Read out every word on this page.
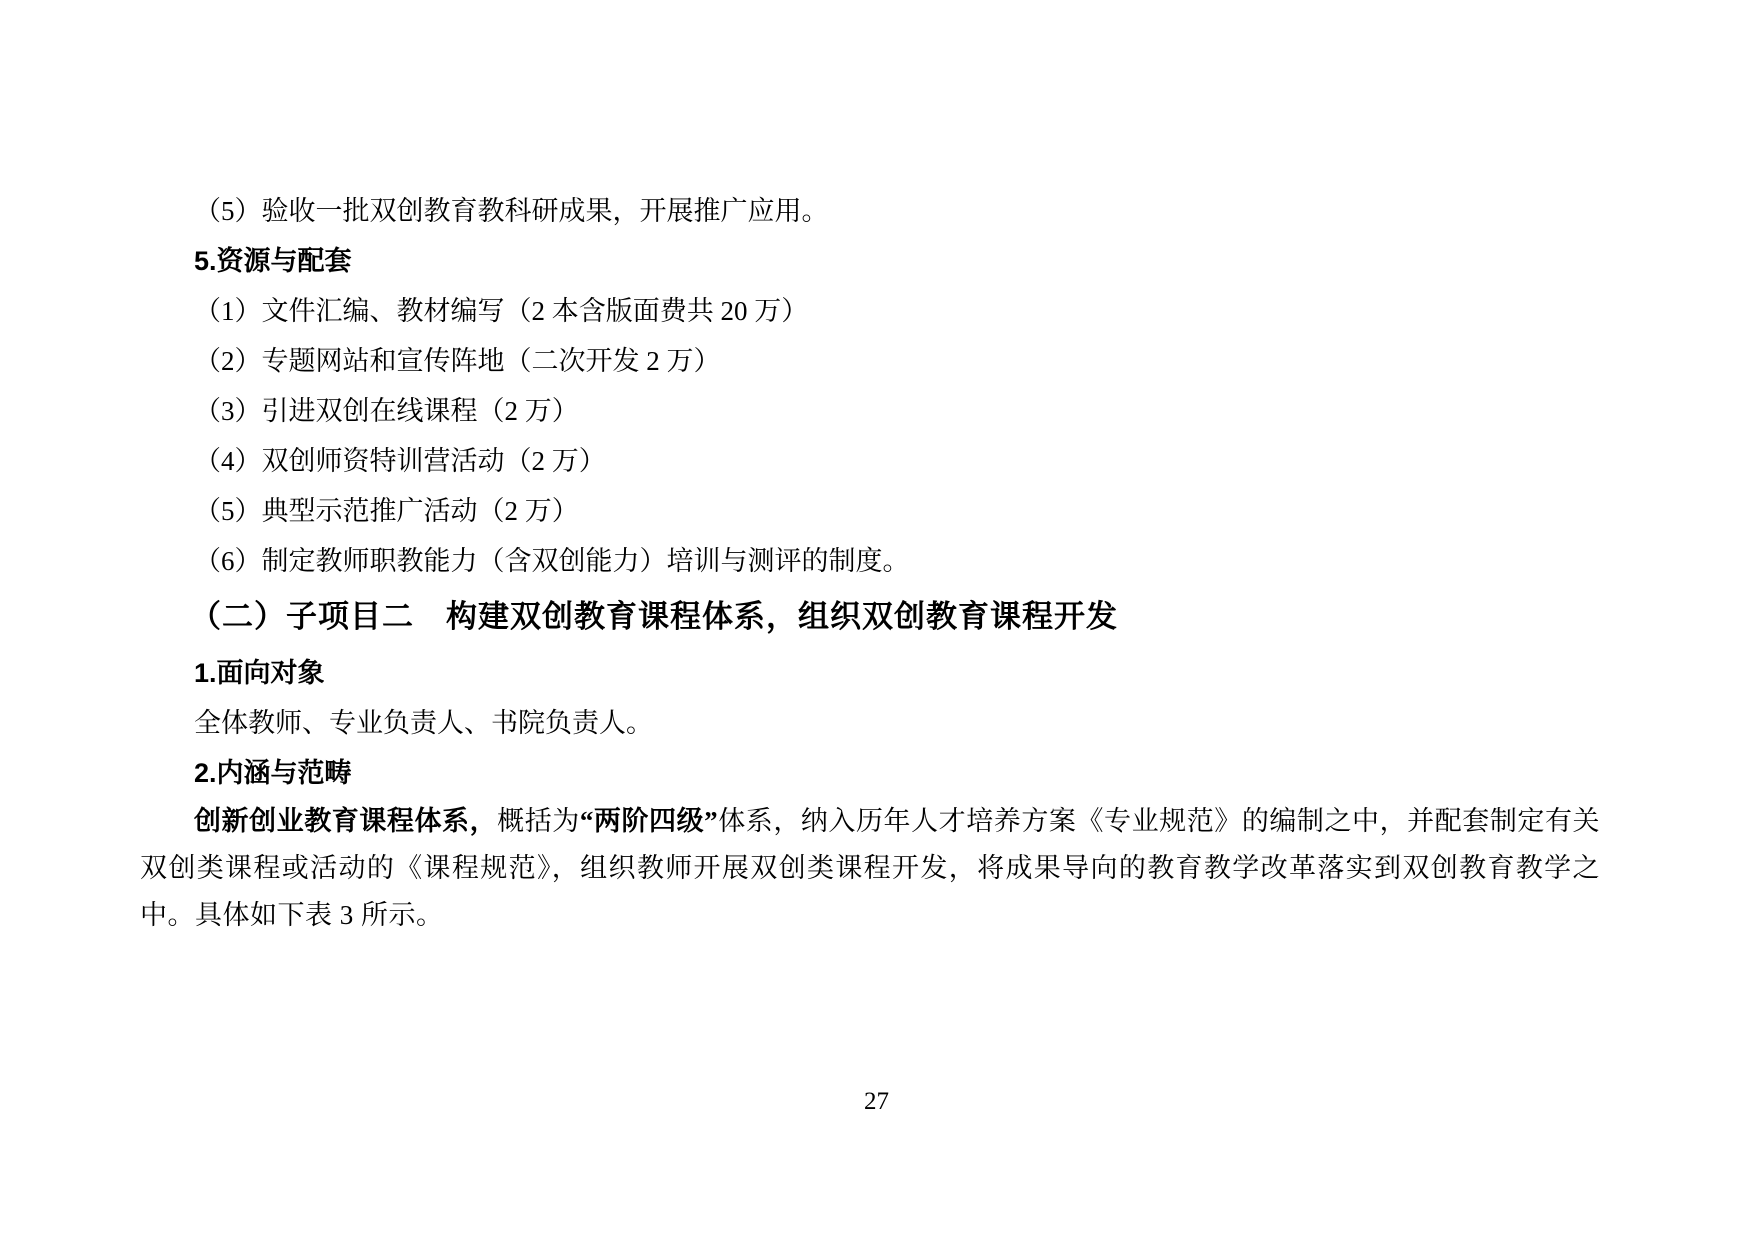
（5）验收一批双创教育教科研成果，开展推广应用。

5.资源与配套

（1）文件汇编、教材编写（2 本含版面费共 20 万）

（2）专题网站和宣传阵地（二次开发 2 万）

（3）引进双创在线课程（2 万）

（4）双创师资特训营活动（2 万）

（5）典型示范推广活动（2 万）

（6）制定教师职教能力（含双创能力）培训与测评的制度。

（二）子项目二　构建双创教育课程体系，组织双创教育课程开发
1.面向对象

全体教师、专业负责人、书院负责人。

2.内涵与范畴

创新创业教育课程体系，概括为“两阶四级”体系，纳入历年人才培养方案《专业规范》的编制之中，并配套制定有关双创类课程或活动的《课程规范》，组织教师开展双创类课程开发，将成果导向的教育教学改革落实到双创教育教学之中。具体如下表 3 所示。

27
